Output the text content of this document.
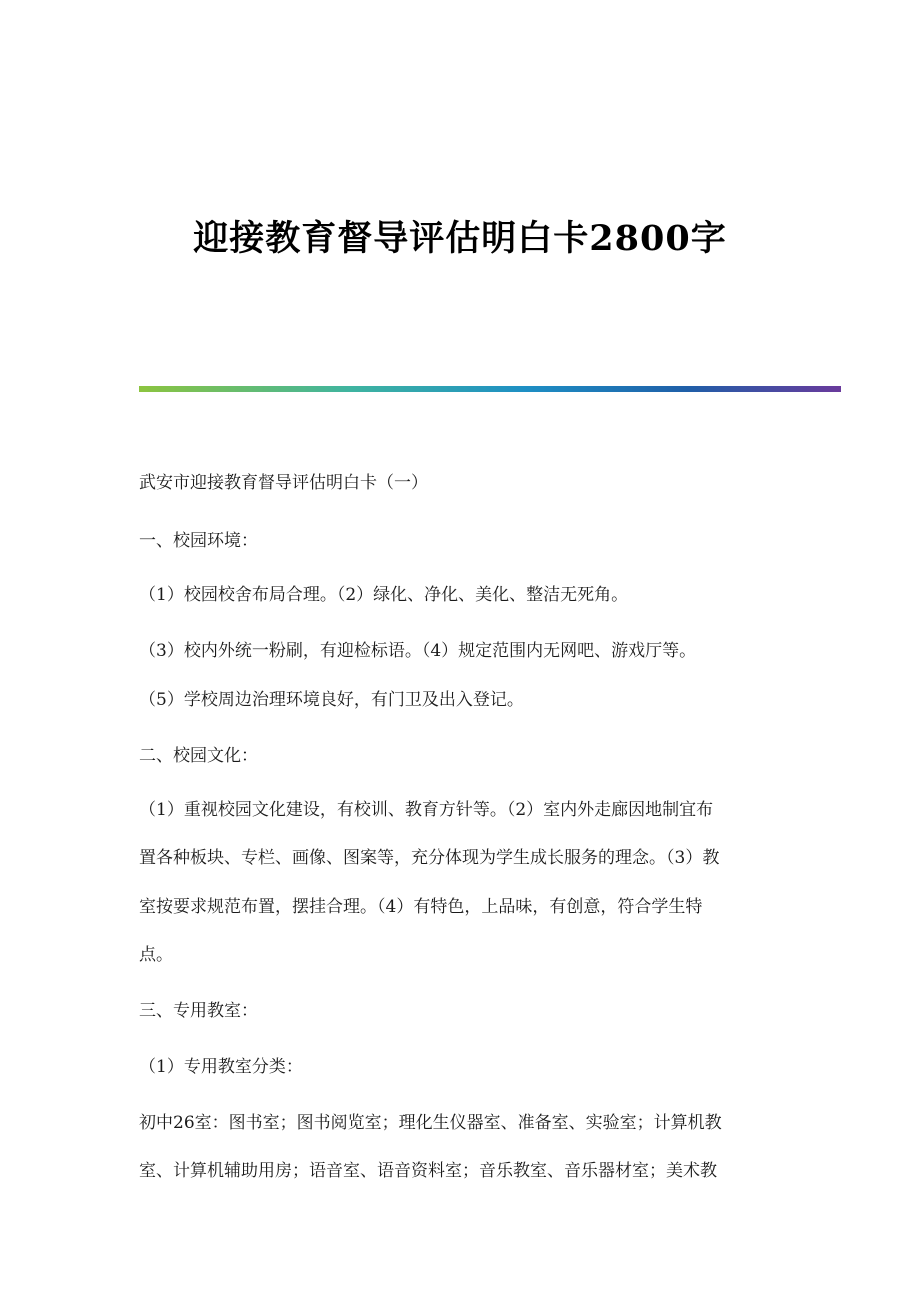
迎接教育督导评估明白卡2800字
武安市迎接教育督导评估明白卡（一）
一、校园环境：
（1）校园校舍布局合理。（2）绿化、净化、美化、整洁无死角。
（3）校内外统一粉刷，有迎检标语。（4）规定范围内无网吧、游戏厅等。
（5）学校周边治理环境良好，有门卫及出入登记。
二、校园文化：
（1）重视校园文化建设，有校训、教育方针等。（2）室内外走廊因地制宜布
置各种板块、专栏、画像、图案等，充分体现为学生成长服务的理念。（3）教
室按要求规范布置，摆挂合理。（4）有特色，上品味，有创意，符合学生特
点。
三、专用教室：
（1）专用教室分类：
初中26室：图书室；图书阅览室；理化生仪器室、准备室、实验室；计算机教
室、计算机辅助用房；语音室、语音资料室；音乐教室、音乐器材室；美术教
